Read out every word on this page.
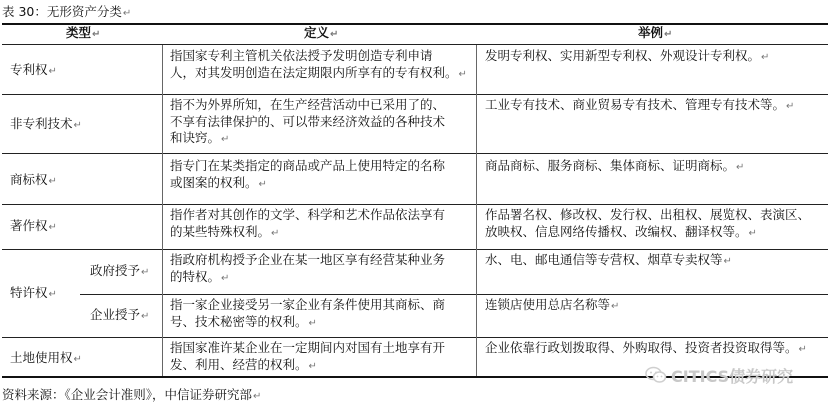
表 30：无形资产分类↵
类型↵	定义↵	举例↵
专利权↵
指国家专利主管机关依法授予发明创造专利申请
人，对其发明创造在法定期限内所享有的专有权利。↵
发明专利权、实用新型专利权、外观设计专利权。↵
非专利技术↵
指不为外界所知，在生产经营活动中已采用了的、
不享有法律保护的、可以带来经济效益的各种技术
和诀窍。↵
工业专有技术、商业贸易专有技术、管理专有技术等。↵
商标权↵
指专门在某类指定的商品或产品上使用特定的名称
或图案的权利。↵
商品商标、服务商标、集体商标、证明商标。↵
著作权↵
指作者对其创作的文学、科学和艺术作品依法享有
的某些特殊权利。↵
作品署名权、修改权、发行权、出租权、展览权、表演区、
放映权、信息网络传播权、改编权、翻译权等。↵
特许权↵
政府授予↵
指政府机构授予企业在某一地区享有经营某种业务
的特权。↵
水、电、邮电通信等专营权、烟草专卖权等↵
企业授予↵
指一家企业接受另一家企业有条件使用其商标、商
号、技术秘密等的权利。↵
连锁店使用总店名称等↵
土地使用权↵
指国家准许某企业在一定期间内对国有土地享有开
发、利用、经营的权利。↵
企业依靠行政划拨取得、外购取得、投资者投资取得等。↵
CITICS债券研究
资料来源：《企业会计准则》，中信证券研究部↵
